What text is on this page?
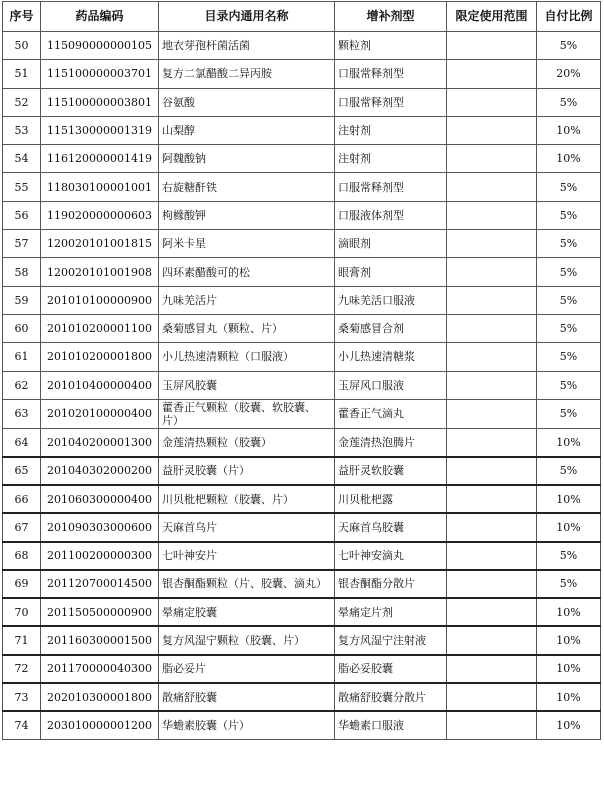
序号	药品编码	目录内通用名称	增补剂型	限定使用范围	自付比例
50	115090000000105	地衣芽孢杆菌活菌	颗粒剂		5%
51	115100000003701	复方二氯醋酸二异丙胺	口服常释剂型		20%
52	115100000003801	谷氨酸	口服常释剂型		5%
53	115130000001319	山梨醇	注射剂		10%
54	116120000001419	阿魏酸钠	注射剂		10%
55	118030100001001	右旋糖酐铁	口服常释剂型		5%
56	119020000000603	枸橼酸钾	口服液体剂型		5%
57	120020101001815	阿米卡星	滴眼剂		5%
58	120020101001908	四环素醋酸可的松	眼膏剂		5%
59	201010100000900	九味羌活片	九味羌活口服液		5%
60	201010200001100	桑菊感冒丸（颗粒、片）	桑菊感冒合剂		5%
61	201010200001800	小儿热速清颗粒（口服液）	小儿热速清糖浆		5%
62	201010400000400	玉屏风胶囊	玉屏风口服液		5%
63	201020100000400	藿香正气颗粒（胶囊、软胶囊、片）	藿香正气滴丸		5%
64	201040200001300	金莲清热颗粒（胶囊）	金莲清热泡腾片		10%
65	201040302000200	益肝灵胶囊（片）	益肝灵软胶囊		5%
66	201060300000400	川贝枇杷颗粒（胶囊、片）	川贝枇杷露		10%
67	201090303000600	天麻首乌片	天麻首乌胶囊		10%
68	201100200000300	七叶神安片	七叶神安滴丸		5%
69	201120700014500	银杏酮酯颗粒（片、胶囊、滴丸）	银杏酮酯分散片		5%
70	201150500000900	晕痛定胶囊	晕痛定片剂		10%
71	201160300001500	复方风湿宁颗粒（胶囊、片）	复方风湿宁注射液		10%
72	201170000040300	脂必妥片	脂必妥胶囊		10%
73	202010300001800	散痛舒胶囊	散痛舒胶囊分散片		10%
74	203010000001200	华蟾素胶囊（片）	华蟾素口服液		10%
